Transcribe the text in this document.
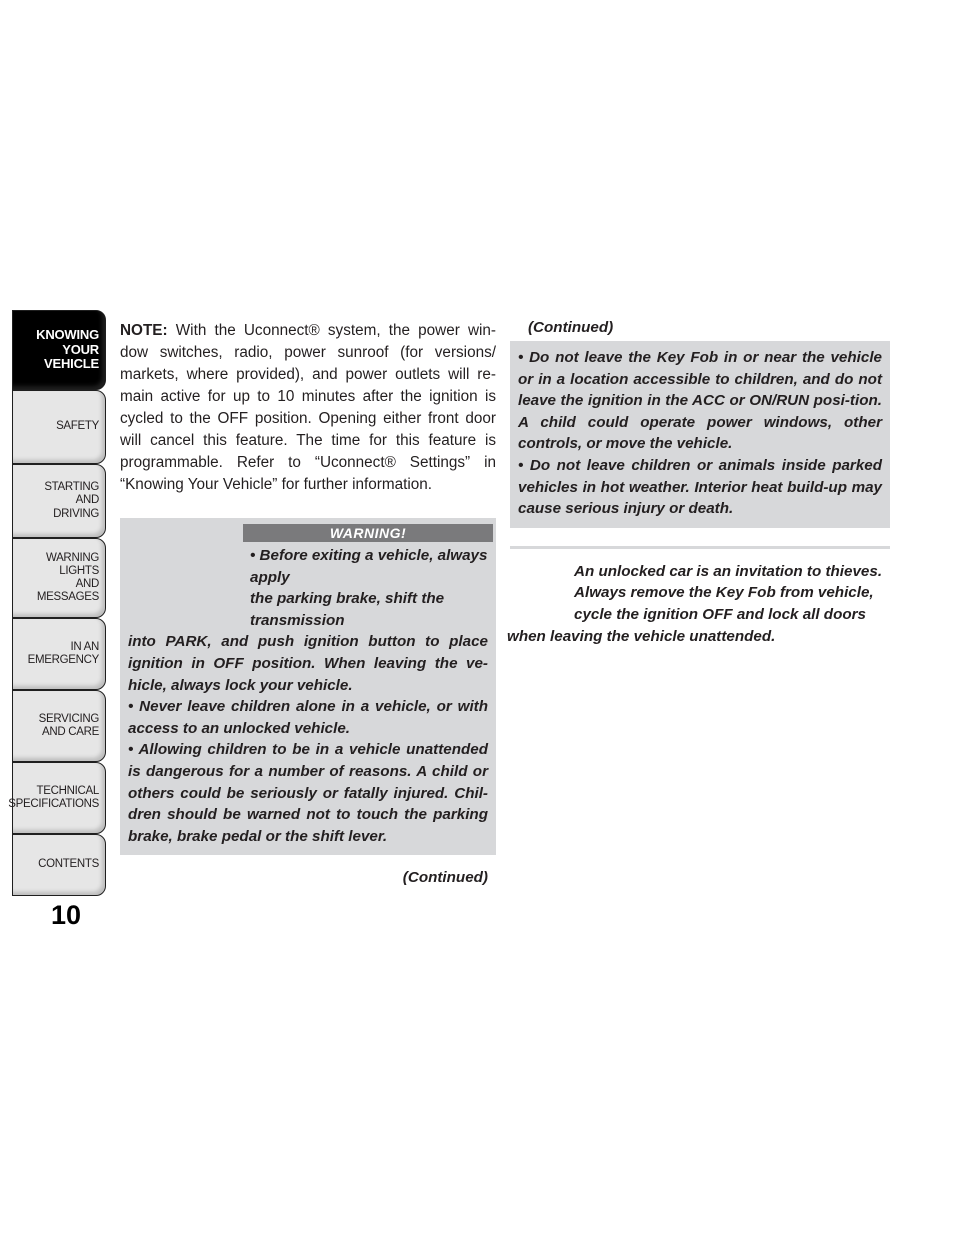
KNOWING
YOUR
VEHICLE
SAFETY
STARTING
AND
DRIVING
WARNING
LIGHTS
AND
MESSAGES
IN AN
EMERGENCY
SERVICING
AND CARE
TECHNICAL
SPECIFICATIONS
CONTENTS
10

NOTE: With the Uconnect® system, the power win-dow switches, radio, power sunroof (for versions/ markets, where provided), and power outlets will re-main active for up to 10 minutes after the ignition is cycled to the OFF position. Opening either front door will cancel this feature. The time for this feature is programmable. Refer to “Uconnect® Settings” in “Knowing Your Vehicle” for further information.

WARNING!
• Before exiting a vehicle, always apply
the parking brake, shift the transmission

into PARK, and push ignition button to place ignition in OFF position. When leaving the ve-hicle, always lock your vehicle.

• Never leave children alone in a vehicle, or with access to an unlocked vehicle.

• Allowing children to be in a vehicle unattended is dangerous for a number of reasons. A child or others could be seriously or fatally injured. Chil-dren should be warned not to touch the parking brake, brake pedal or the shift lever.

(Continued)
(Continued)

• Do not leave the Key Fob in or near the vehicle or in a location accessible to children, and do not leave the ignition in the ACC or ON/RUN posi-tion. A child could operate power windows, other controls, or move the vehicle.

• Do not leave children or animals inside parked vehicles in hot weather. Interior heat build-up may cause serious injury or death.

An unlocked car is an invitation to thieves.
Always remove the Key Fob from vehicle,
cycle the ignition OFF and lock all doors
when leaving the vehicle unattended.
